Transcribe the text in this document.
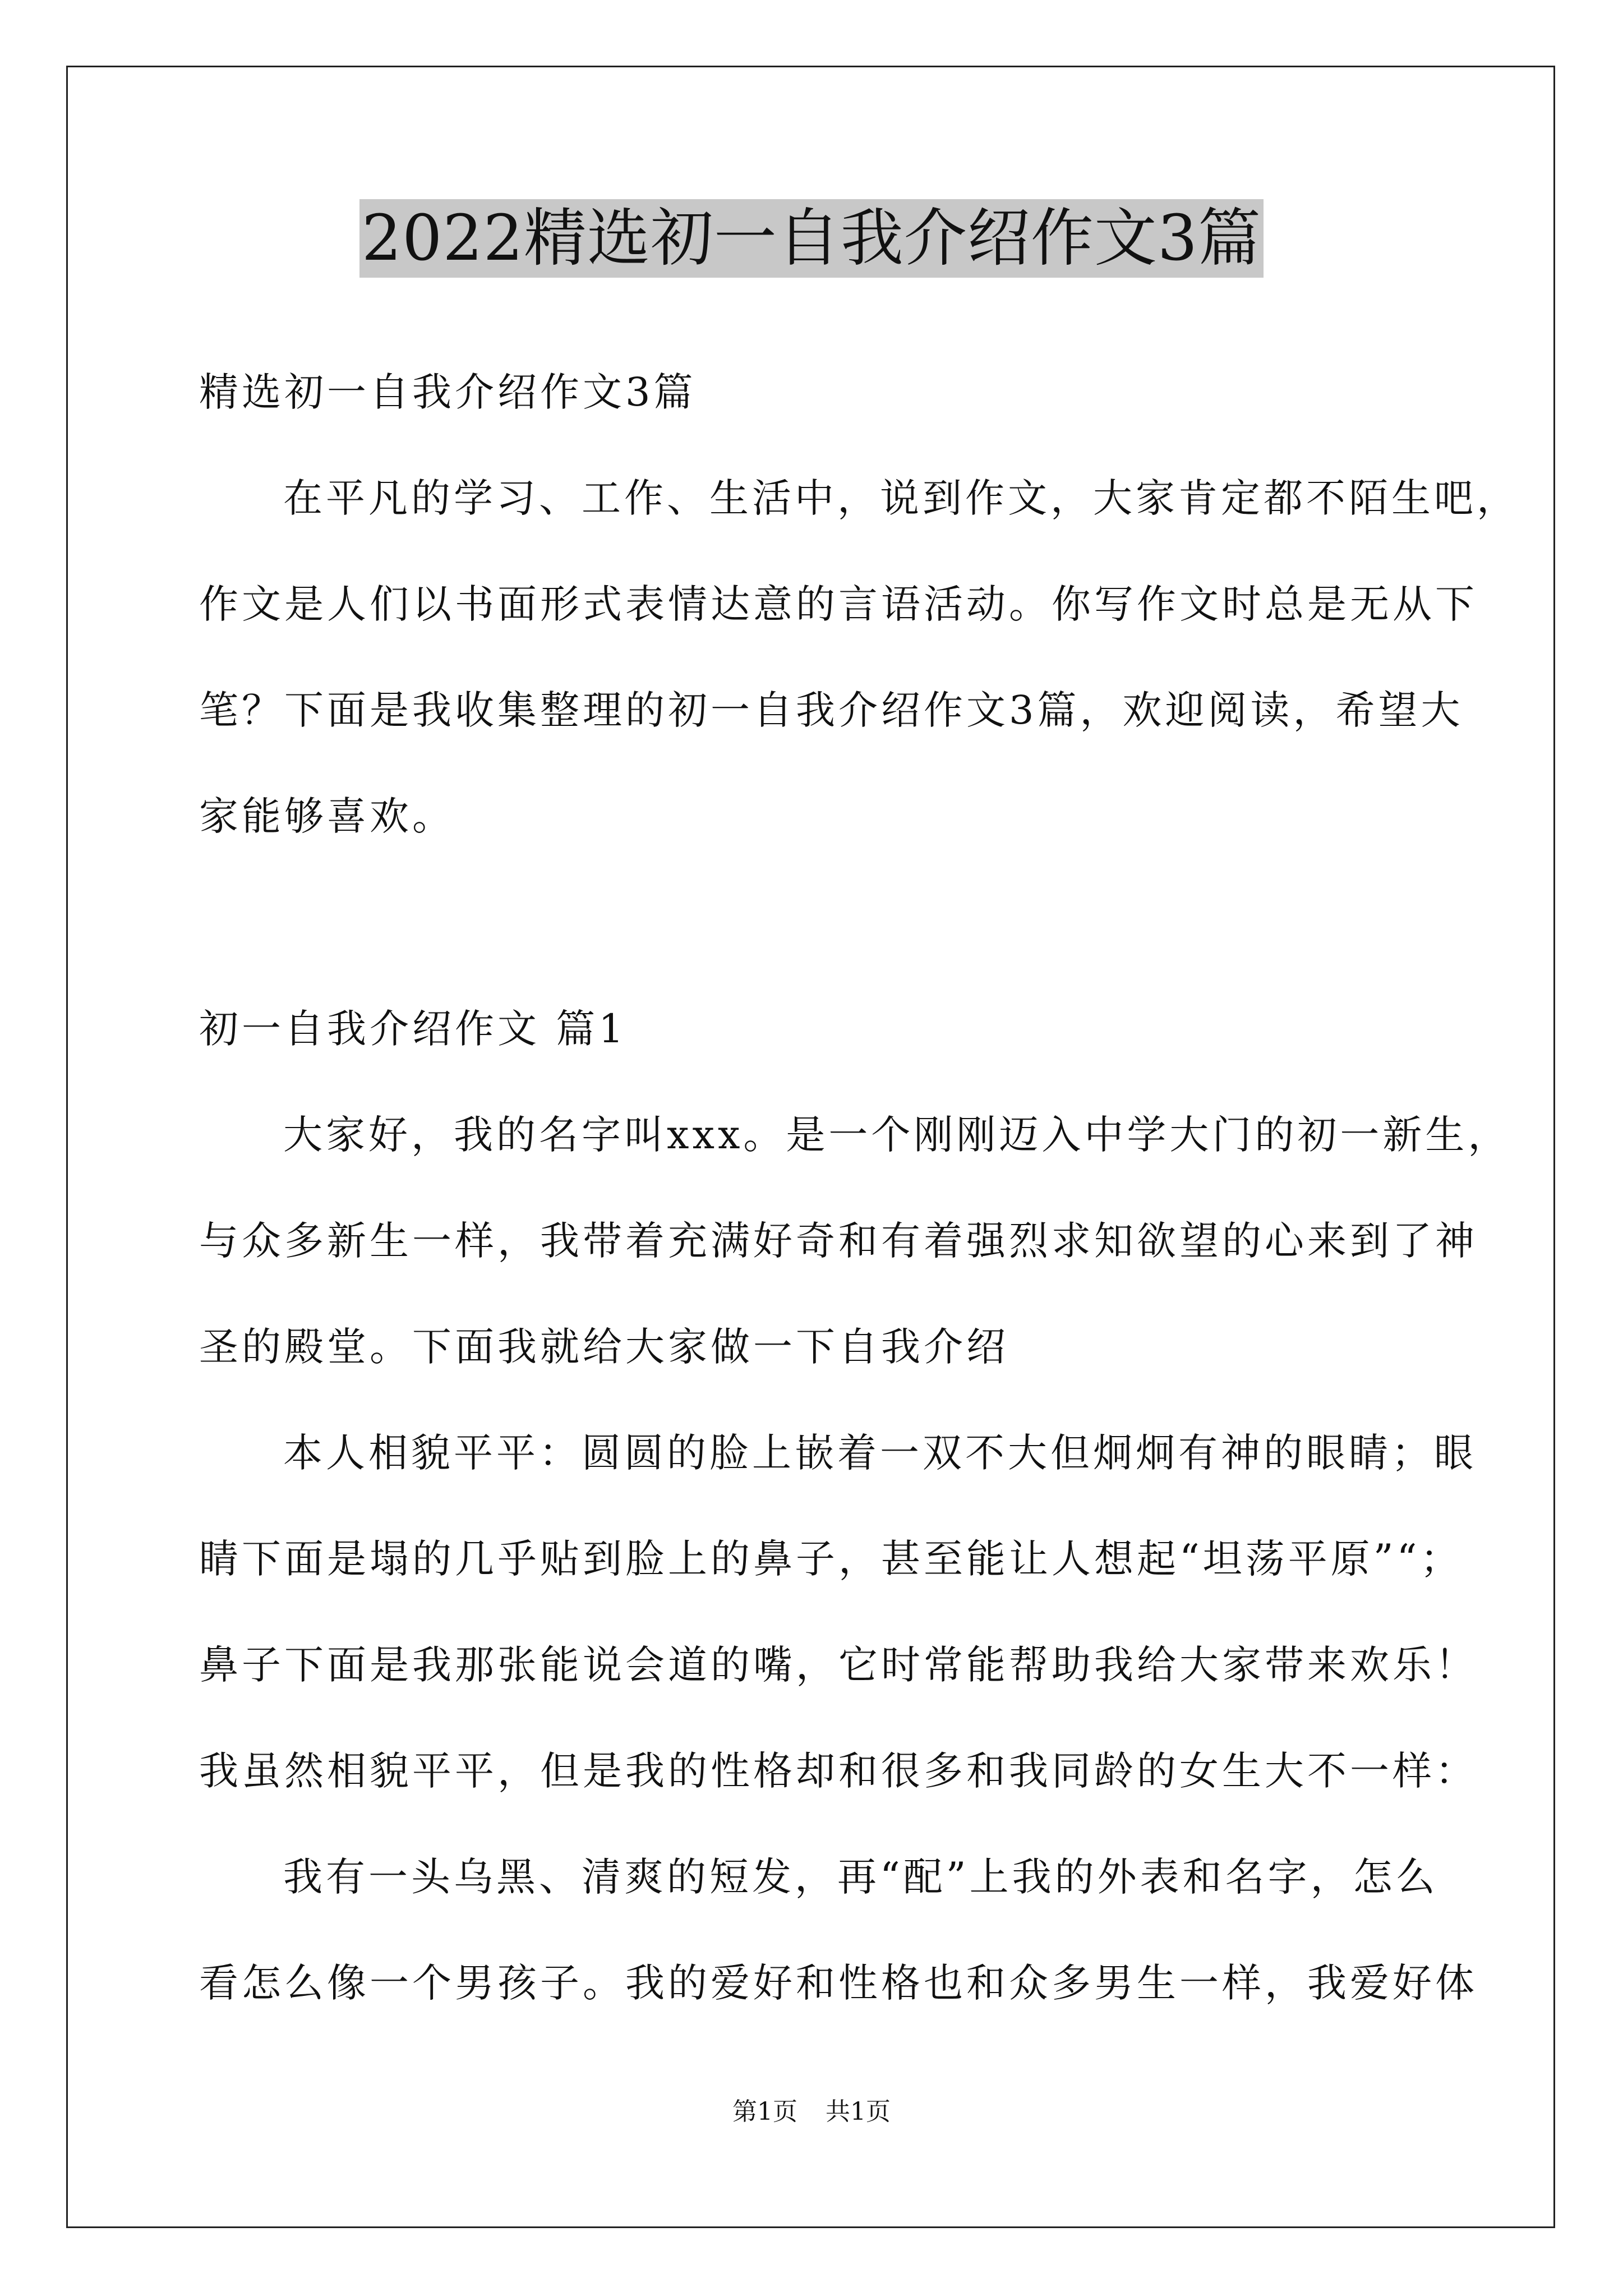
2022精选初一自我介绍作文3篇
精选初一自我介绍作文3篇
在平凡的学习、工作、生活中，说到作文，大家肯定都不陌生吧，
作文是人们以书面形式表情达意的言语活动。你写作文时总是无从下
笔？下面是我收集整理的初一自我介绍作文3篇，欢迎阅读，希望大
家能够喜欢。
初一自我介绍作文 篇1
大家好，我的名字叫xxx。是一个刚刚迈入中学大门的初一新生，
与众多新生一样，我带着充满好奇和有着强烈求知欲望的心来到了神
圣的殿堂。下面我就给大家做一下自我介绍
本人相貌平平：圆圆的脸上嵌着一双不大但炯炯有神的眼睛；眼
睛下面是塌的几乎贴到脸上的鼻子，甚至能让人想起“坦荡平原”“；
鼻子下面是我那张能说会道的嘴，它时常能帮助我给大家带来欢乐！
我虽然相貌平平，但是我的性格却和很多和我同龄的女生大不一样：
我有一头乌黑、清爽的短发，再“配”上我的外表和名字，怎么
看怎么像一个男孩子。我的爱好和性格也和众多男生一样，我爱好体
第1页 共1页
